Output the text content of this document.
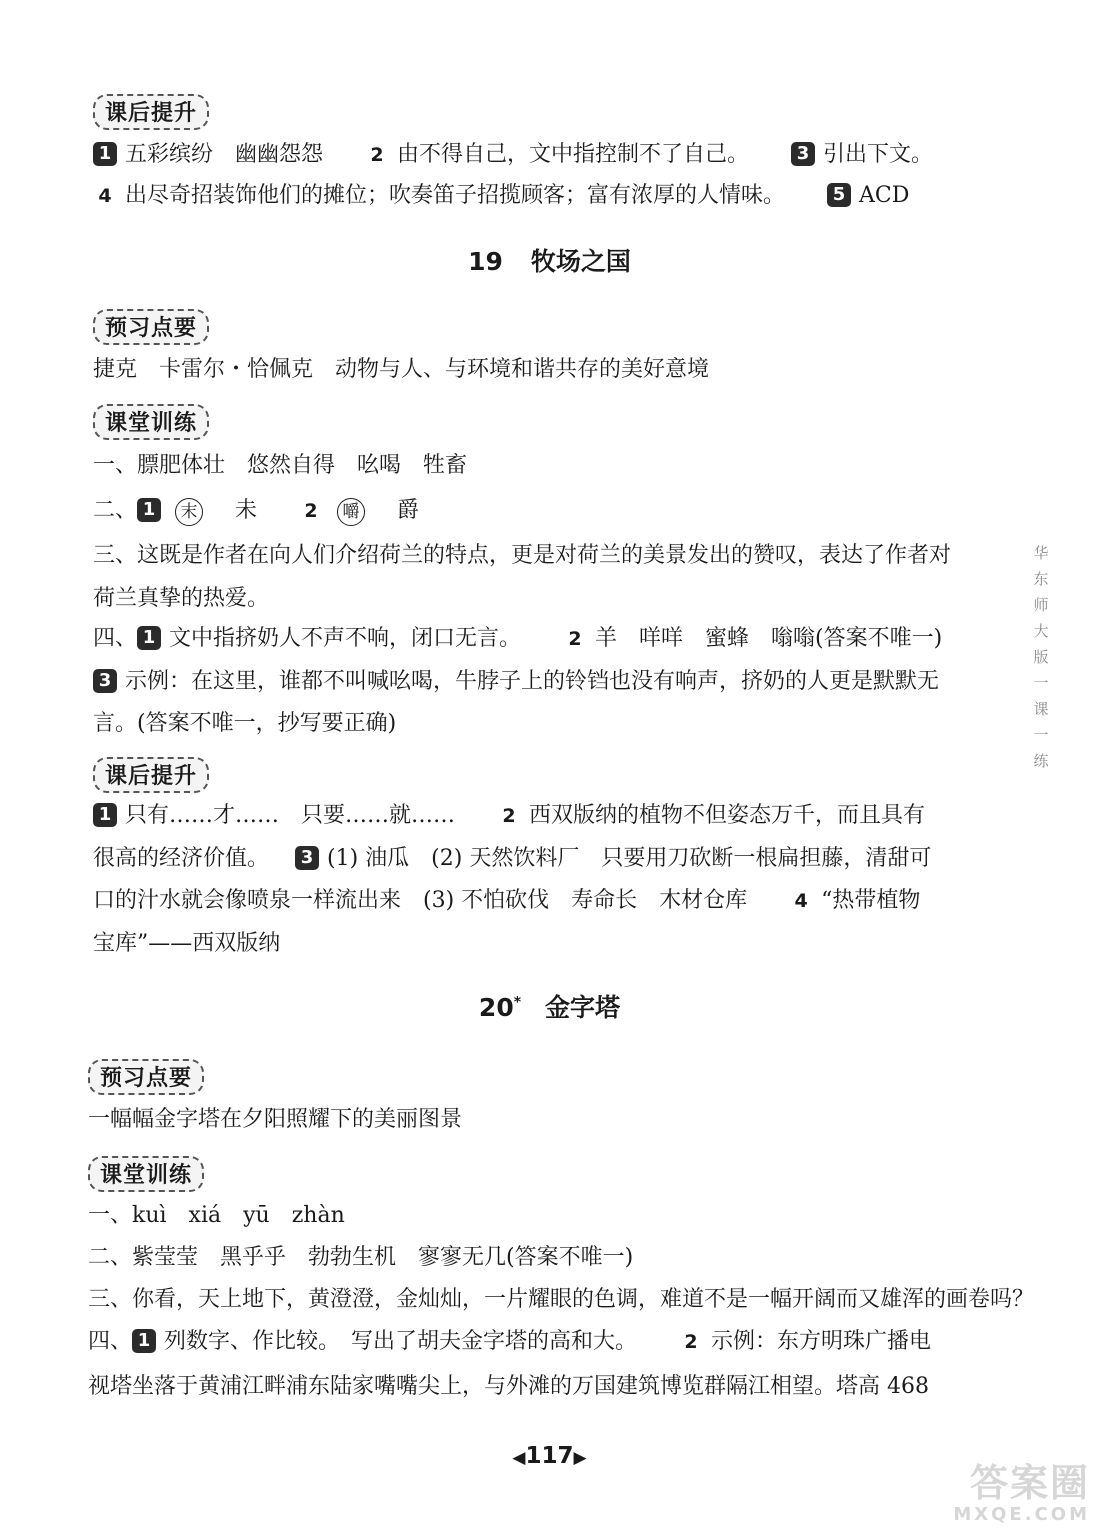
课后提升
1 五彩缤纷　幽幽怨怨 2 由不得自己，文中指控制不了自己。	3 引出下文。
4 出尽奇招装饰他们的摊位；吹奏笛子招揽顾客；富有浓厚的人情味。	5 ACD
19 牧场之国
预习点要
捷克　卡雷尔・恰佩克　动物与人、与环境和谐共存的美好意境
课堂训练
一、膘肥体壮　悠然自得　吆喝　牲畜
二、 1 末 未 2 嚼 爵
三、这既是作者在向人们介绍荷兰的特点，更是对荷兰的美景发出的赞叹，表达了作者对
荷兰真挚的热爱。
四、 1 文中指挤奶人不声不响，闭口无言。 2 羊　咩咩　蜜蜂　嗡嗡(答案不唯一)
3 示例：在这里，谁都不叫喊吆喝，牛脖子上的铃铛也没有响声，挤奶的人更是默默无
言。(答案不唯一，抄写要正确)
课后提升
1 只有……才……　只要……就…… 2 西双版纳的植物不但姿态万千，而且具有
很高的经济价值。 3 (1) 油瓜　(2) 天然饮料厂　只要用刀砍断一根扁担藤，清甜可
口的汁水就会像喷泉一样流出来　(3) 不怕砍伐　寿命长　木材仓库 4 “热带植物
宝库”——西双版纳
20* 金字塔
预习点要
一幅幅金字塔在夕阳照耀下的美丽图景
课堂训练
一、kuì　xiá　yū　zhàn
二、紫莹莹　黑乎乎　勃勃生机　寥寥无几(答案不唯一)
三、你看，天上地下，黄澄澄，金灿灿，一片耀眼的色调，难道不是一幅开阔而又雄浑的画卷吗？
四、 1 列数字、作比较。　写出了胡夫金字塔的高和大。 2 示例：东方明珠广播电
视塔坐落于黄浦江畔浦东陆家嘴嘴尖上，与外滩的万国建筑博览群隔江相望。塔高 468
华东师大版一课一练
◀117▶
答案圈
MXQE.COM
